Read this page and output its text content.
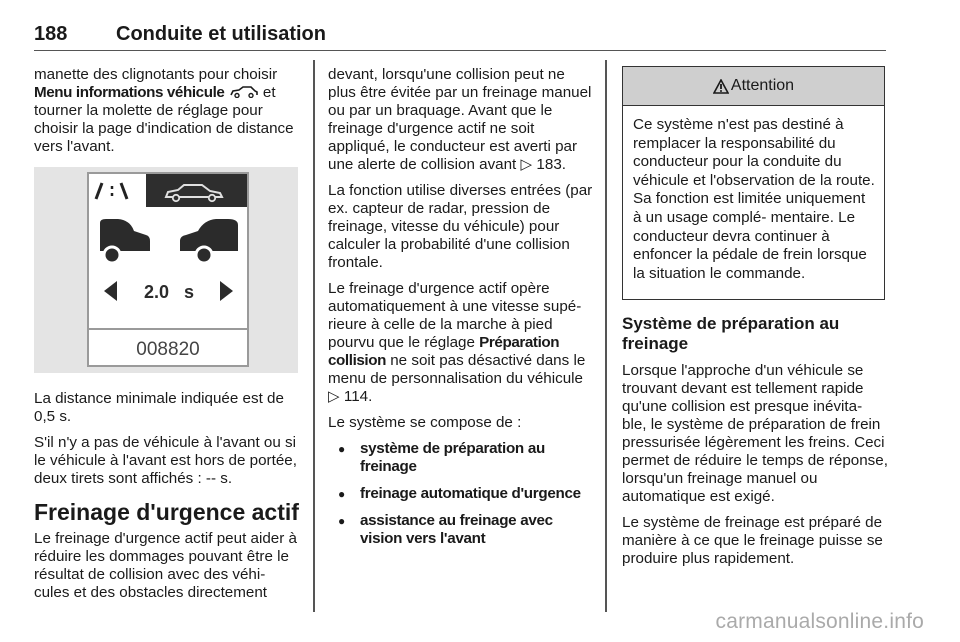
188 Conduite et utilisation

manette des clignotants pour choisir Menu informations véhicule  et tourner la molette de réglage pour choisir la page d'indication de distance vers l'avant.

2.0 s
008820

La distance minimale indiquée est de 0,5 s.

S'il n'y a pas de véhicule à l'avant ou si le véhicule à l'avant est hors de portée, deux tirets sont affichés : -- s.

Freinage d'urgence actif

Le freinage d'urgence actif peut aider à réduire les dommages pouvant être le résultat de collision avec des véhi- cules et des obstacles directement

devant, lorsqu'une collision peut ne plus être évitée par un freinage manuel ou par un braquage. Avant que le freinage d'urgence actif ne soit appliqué, le conducteur est averti par une alerte de collision avant ▷ 183.

La fonction utilise diverses entrées (par ex. capteur de radar, pression de freinage, vitesse du véhicule) pour calculer la probabilité d'une collision frontale.

Le freinage d'urgence actif opère automatiquement à une vitesse supé- rieure à celle de la marche à pied pourvu que le réglage Préparation collision ne soit pas désactivé dans le menu de personnalisation du véhicule ▷ 114.

Le système se compose de :

● système de préparation au freinage
● freinage automatique d'urgence
● assistance au freinage avec vision vers l'avant
Attention
Ce système n'est pas destiné à remplacer la responsabilité du conducteur pour la conduite du véhicule et l'observation de la route. Sa fonction est limitée uniquement à un usage complé- mentaire. Le conducteur devra continuer à enfoncer la pédale de frein lorsque la situation le commande.
Système de préparation au freinage

Lorsque l'approche d'un véhicule se trouvant devant est tellement rapide qu'une collision est presque inévita- ble, le système de préparation de frein pressurisée légèrement les freins. Ceci permet de réduire le temps de réponse, lorsqu'un freinage manuel ou automatique est exigé.

Le système de freinage est préparé de manière à ce que le freinage puisse se produire plus rapidement.

carmanualsonline.info
